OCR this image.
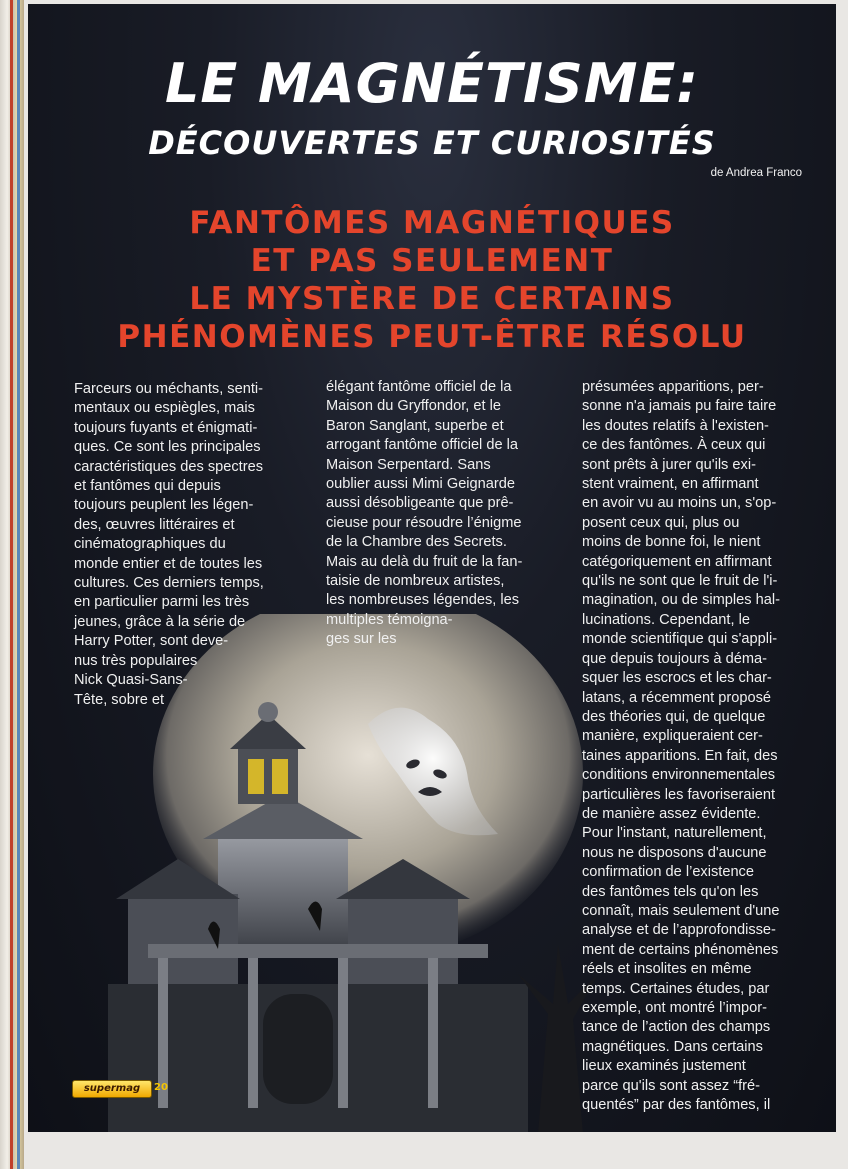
LE MAGNÉTISME:
DÉCOUVERTES ET CURIOSITÉS
de Andrea Franco
FANTÔMES MAGNÉTIQUES
ET PAS SEULEMENT
LE MYSTÈRE DE CERTAINS
PHÉNOMÈNES PEUT-ÊTRE RÉSOLU
Farceurs ou méchants, senti-
mentaux ou espiègles, mais
toujours fuyants et énigmati-
ques. Ce sont les principales
caractéristiques des spectres
et fantômes qui depuis
toujours peuplent les légen-
des, œuvres littéraires et
cinématographiques du
monde entier et de toutes les
cultures. Ces derniers temps,
en particulier parmi les très
jeunes, grâce à la série de
Harry Potter, sont deve-
nus très populaires
Nick Quasi-Sans-
Tête, sobre et
élégant fantôme officiel de la
Maison du Gryffondor, et le
Baron Sanglant, superbe et
arrogant fantôme officiel de la
Maison Serpentard. Sans
oublier aussi Mimi Geignarde
aussi désobligeante que prê-
cieuse pour résoudre l’énigme
de la Chambre des Secrets.
Mais au delà du fruit de la fan-
taisie de nombreux artistes,
les nombreuses légendes, les
multiples témoigna-
ges sur les
présumées apparitions, per-
sonne n'a jamais pu faire taire
les doutes relatifs à l'existen-
ce des fantômes. À ceux qui
sont prêts à jurer qu'ils exi-
stent vraiment, en affirmant
en avoir vu au moins un, s'op-
posent ceux qui, plus ou
moins de bonne foi, le nient
catégoriquement en affirmant
qu'ils ne sont que le fruit de l'i-
magination, ou de simples hal-
lucinations. Cependant, le
monde scientifique qui s'appli-
que depuis toujours à déma-
squer les escrocs et les char-
latans, a récemment proposé
des théories qui, de quelque
manière, expliqueraient cer-
taines apparitions. En fait, des
conditions environnementales
particulières les favoriseraient
de manière assez évidente.
Pour l'instant, naturellement,
nous ne disposons d'aucune
confirmation de l’existence
des fantômes tels qu'on les
connaît, mais seulement d'une
analyse et de l’approfondisse-
ment de certains phénomènes
réels et insolites en même
temps. Certaines études, par
exemple, ont montré l’impor-
tance de l’action des champs
magnétiques. Dans certains
lieux examinés justement
parce qu'ils sont assez “fré-
quentés” par des fantômes, il
supermag	20
